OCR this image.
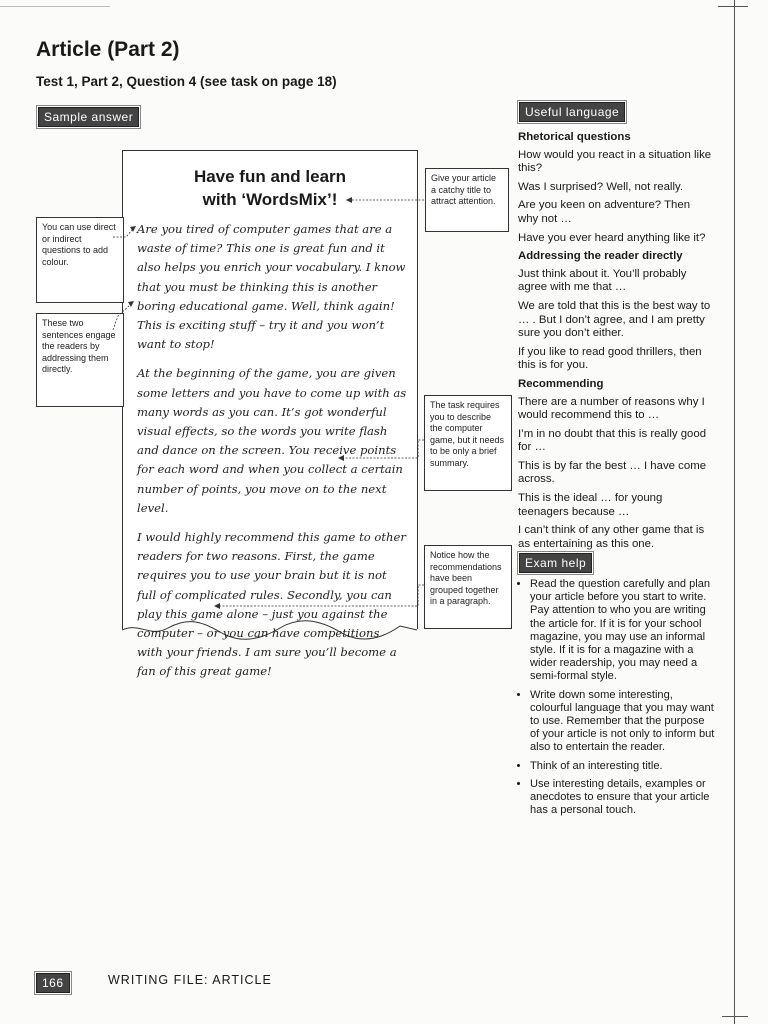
Article (Part 2)
Test 1, Part 2, Question 4 (see task on page 18)
Sample answer	Useful language
Exam help
Have fun and learn
with ‘WordsMix’!

Are you tired of computer games that are a waste of time? This one is great fun and it also helps you enrich your vocabulary. I know that you must be thinking this is another boring educational game. Well, think again! This is exciting stuff – try it and you won’t want to stop!

At the beginning of the game, you are given some letters and you have to come up with as many words as you can. It’s got wonderful visual effects, so the words you write flash and dance on the screen. You receive points for each word and when you collect a certain number of points, you move on to the next level.

I would highly recommend this game to other readers for two reasons. First, the game requires you to use your brain but it is not full of complicated rules. Secondly, you can play this game alone – just you against the computer – or you can have competitions with your friends. I am sure you’ll become a fan of this great game!

You can use direct or indirect questions to add colour.
These two sentences engage the readers by addressing them directly.
Give your article a catchy title to attract attention.
The task requires you to describe the computer game, but it needs to be only a brief summary.
Notice how the recommendations have been grouped together in a paragraph.
Rhetorical questions
How would you react in a situation like this?
Was I surprised? Well, not really.
Are you keen on adventure? Then why not …
Have you ever heard anything like it?
Addressing the reader directly
Just think about it. You’ll probably agree with me that …
We are told that this is the best way to … . But I don’t agree, and I am pretty sure you don’t either.
If you like to read good thrillers, then this is for you.
Recommending
There are a number of reasons why I would recommend this to …
I’m in no doubt that this is really good for …
This is by far the best … I have come across.
This is the ideal … for young teenagers because …
I can’t think of any other game that is as entertaining as this one.
• Read the question carefully and plan your article before you start to write. Pay attention to who you are writing the article for. If it is for your school magazine, you may use an informal style. If it is for a magazine with a wider readership, you may need a semi-formal style.
• Write down some interesting, colourful language that you may want to use. Remember that the purpose of your article is not only to inform but also to entertain the reader.
• Think of an interesting title.
• Use interesting details, examples or anecdotes to ensure that your article has a personal touch.
166	WRITING FILE: ARTICLE
